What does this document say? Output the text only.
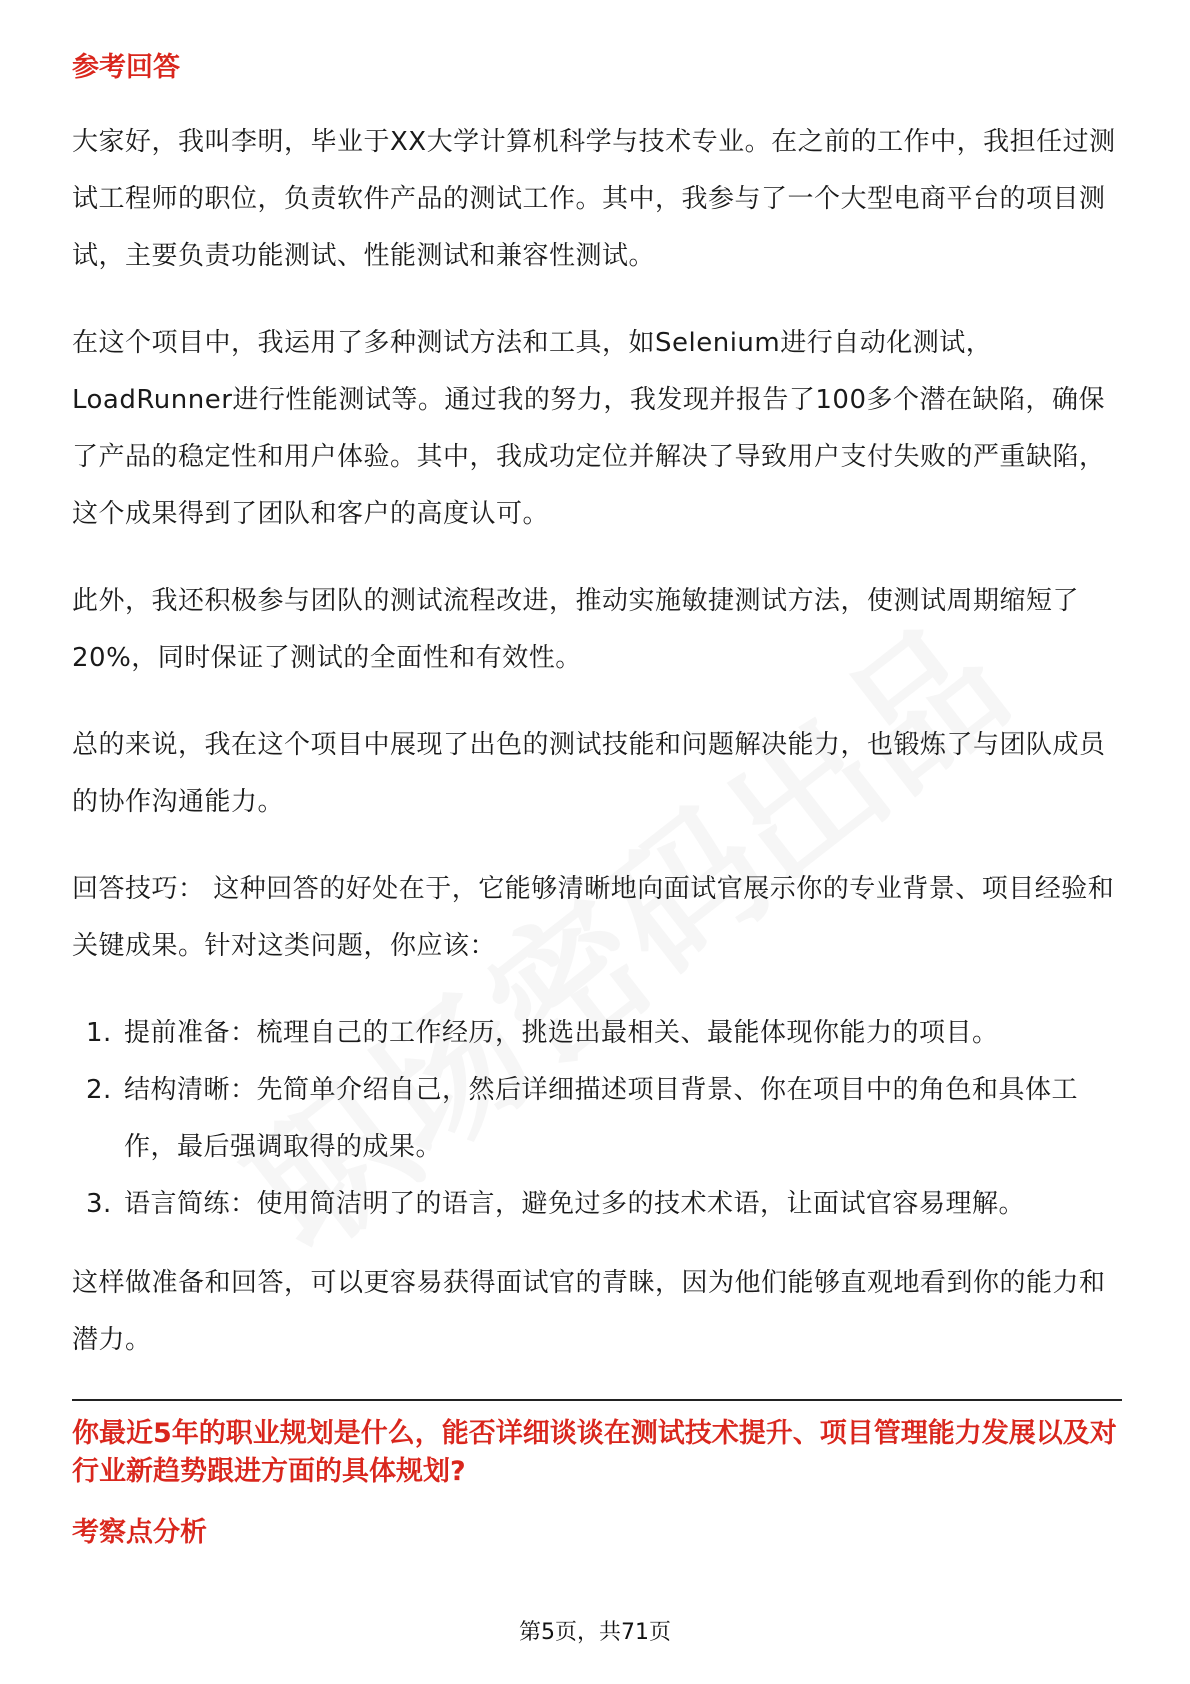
参考回答

大家好，我叫李明，毕业于XX大学计算机科学与技术专业。在之前的工作中，我担任过测试工程师的职位，负责软件产品的测试工作。其中，我参与了一个大型电商平台的项目测试，主要负责功能测试、性能测试和兼容性测试。

在这个项目中，我运用了多种测试方法和工具，如Selenium进行自动化测试，LoadRunner进行性能测试等。通过我的努力，我发现并报告了100多个潜在缺陷，确保了产品的稳定性和用户体验。其中，我成功定位并解决了导致用户支付失败的严重缺陷，这个成果得到了团队和客户的高度认可。

此外，我还积极参与团队的测试流程改进，推动实施敏捷测试方法，使测试周期缩短了20%，同时保证了测试的全面性和有效性。

总的来说，我在这个项目中展现了出色的测试技能和问题解决能力，也锻炼了与团队成员的协作沟通能力。

回答技巧： 这种回答的好处在于，它能够清晰地向面试官展示你的专业背景、项目经验和关键成果。针对这类问题，你应该：

1. 提前准备：梳理自己的工作经历，挑选出最相关、最能体现你能力的项目。
2. 结构清晰：先简单介绍自己，然后详细描述项目背景、你在项目中的角色和具体工作，最后强调取得的成果。
3. 语言简练：使用简洁明了的语言，避免过多的技术术语，让面试官容易理解。

这样做准备和回答，可以更容易获得面试官的青睐，因为他们能够直观地看到你的能力和潜力。

你最近5年的职业规划是什么，能否详细谈谈在测试技术提升、项目管理能力发展以及对行业新趋势跟进方面的具体规划?
考察点分析
第5页，共71页
